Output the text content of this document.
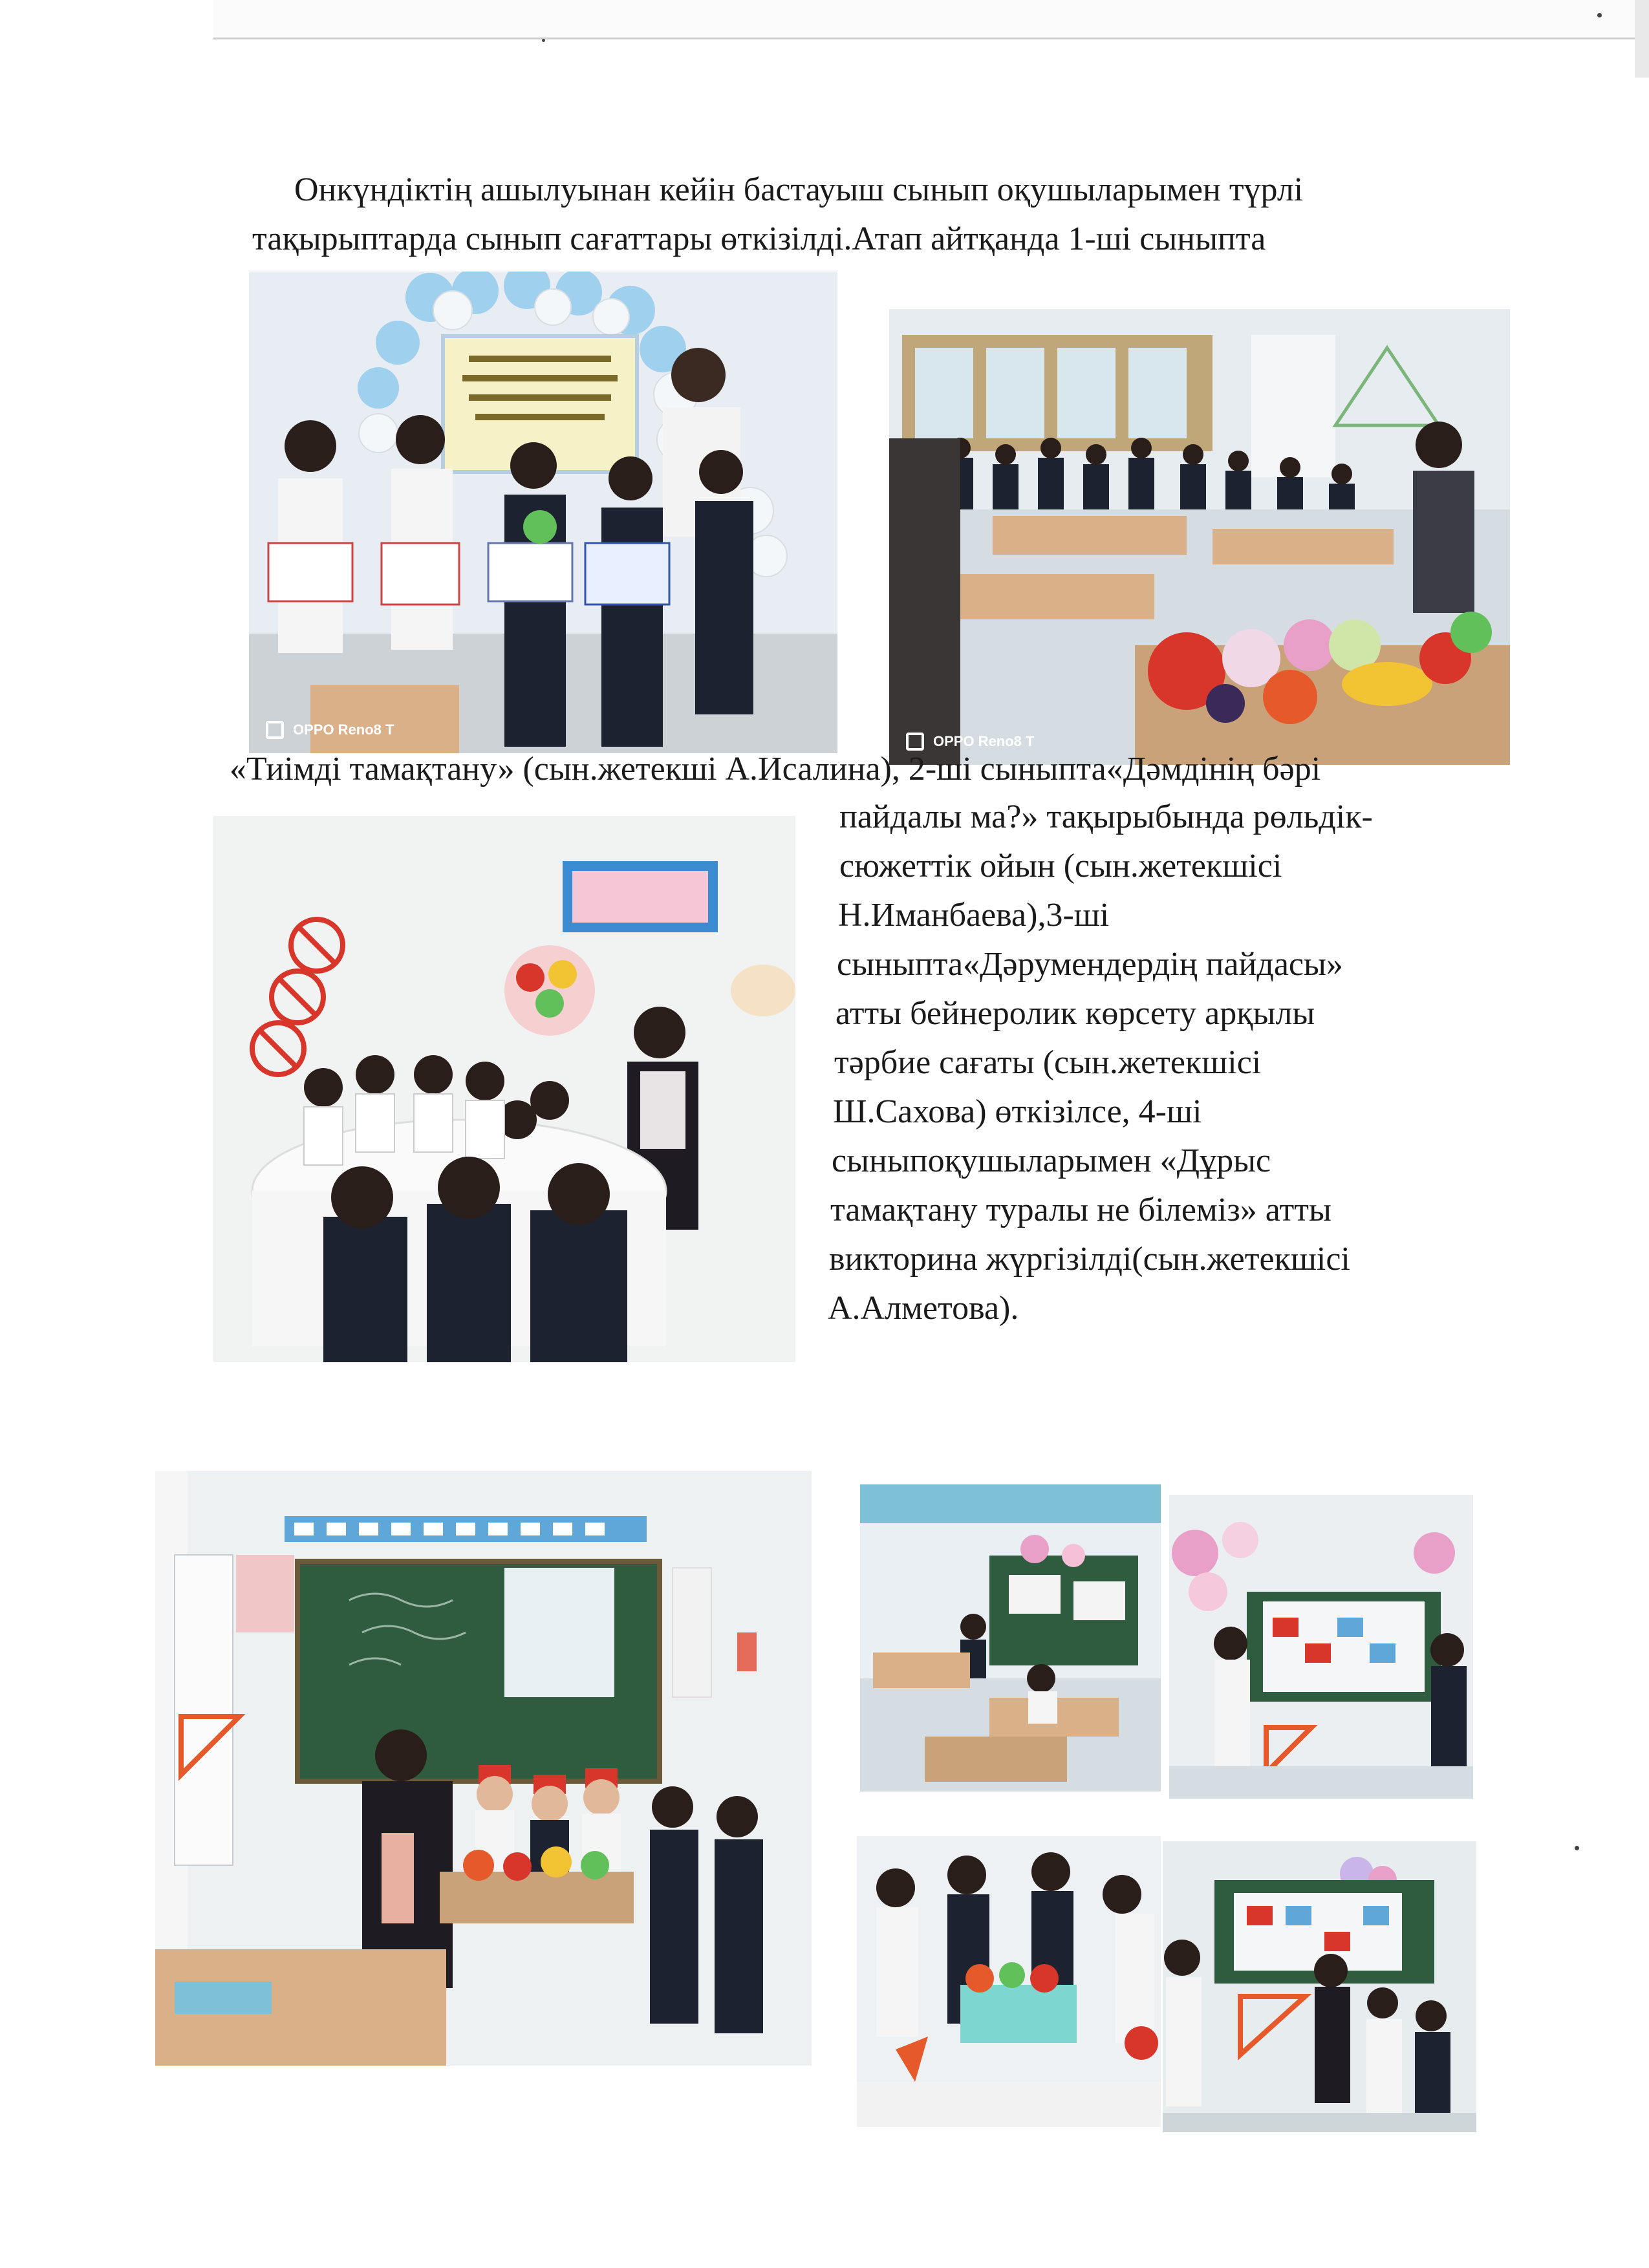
Онкүндіктің ашылуынан кейін бастауыш сынып оқушыларымен түрлі
тақырыптарда сынып сағаттары өткізілді.Атап айтқанда 1-ші сыныпта
OPPO Reno8 T
OPPO Reno8 T
«Тиімді тамақтану» (сын.жетекші А.Исалина), 2-ші сыныпта«Дәмдінің бәрі
пайдалы ма?» тақырыбында рөльдік-
сюжеттік ойын (сын.жетекшісі
Н.Иманбаева),3-ші
сыныпта«Дәрумендердің пайдасы»
атты бейнеролик көрсету арқылы
тәрбие сағаты (сын.жетекшісі
Ш.Сахова) өткізілсе, 4-ші
сыныпоқушыларымен «Дұрыс
тамақтану туралы не білеміз» атты
викторина жүргізілді(сын.жетекшісі
А.Алметова).
